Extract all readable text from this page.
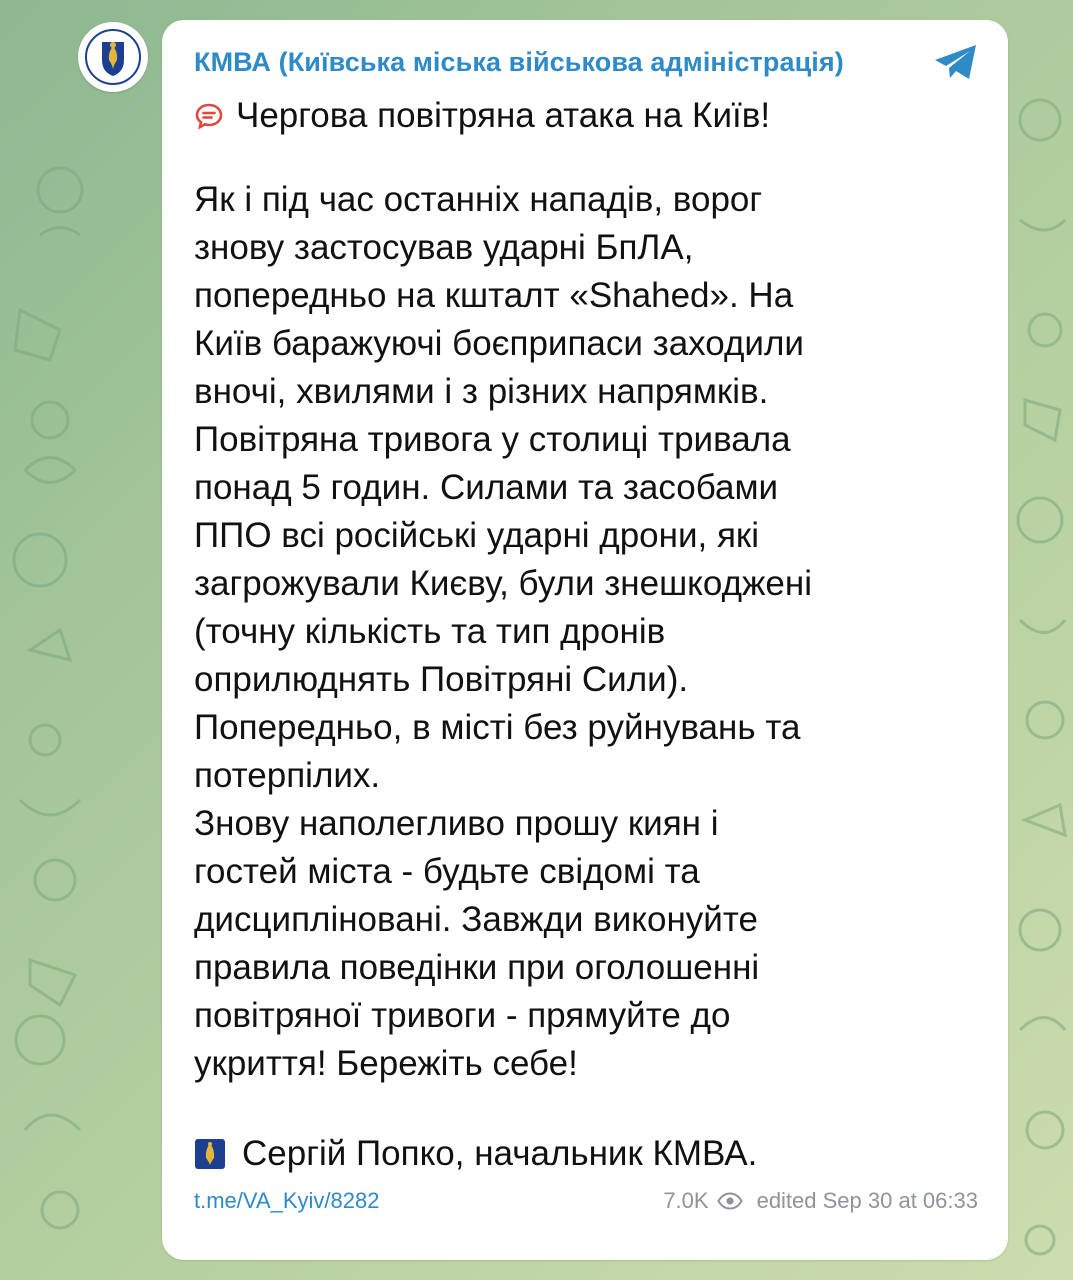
КМВА (Київська міська військова адміністрація)
Чергова повітряна атака на Київ!
Як і під час останніх нападів, ворог
знову застосував ударні БпЛА,
попередньо на кшталт «Shahed». На
Київ баражуючі боєприпаси заходили
вночі, хвилями і з різних напрямків.
Повітряна тривога у столиці тривала
понад 5 годин. Силами та засобами
ППО всі російські ударні дрони, які
загрожували Києву, були знешкоджені
(точну кількість та тип дронів
оприлюднять Повітряні Сили).
Попередньо, в місті без руйнувань та
потерпілих.
Знову наполегливо прошу киян і
гостей міста - будьте свідомі та
дисципліновані. Завжди виконуйте
правила поведінки при оголошенні
повітряної тривоги - прямуйте до
укриття! Бережіть себе!
Сергій Попко, начальник КМВА.
t.me/VA_Kyiv/8282	7.0K edited Sep 30 at 06:33
